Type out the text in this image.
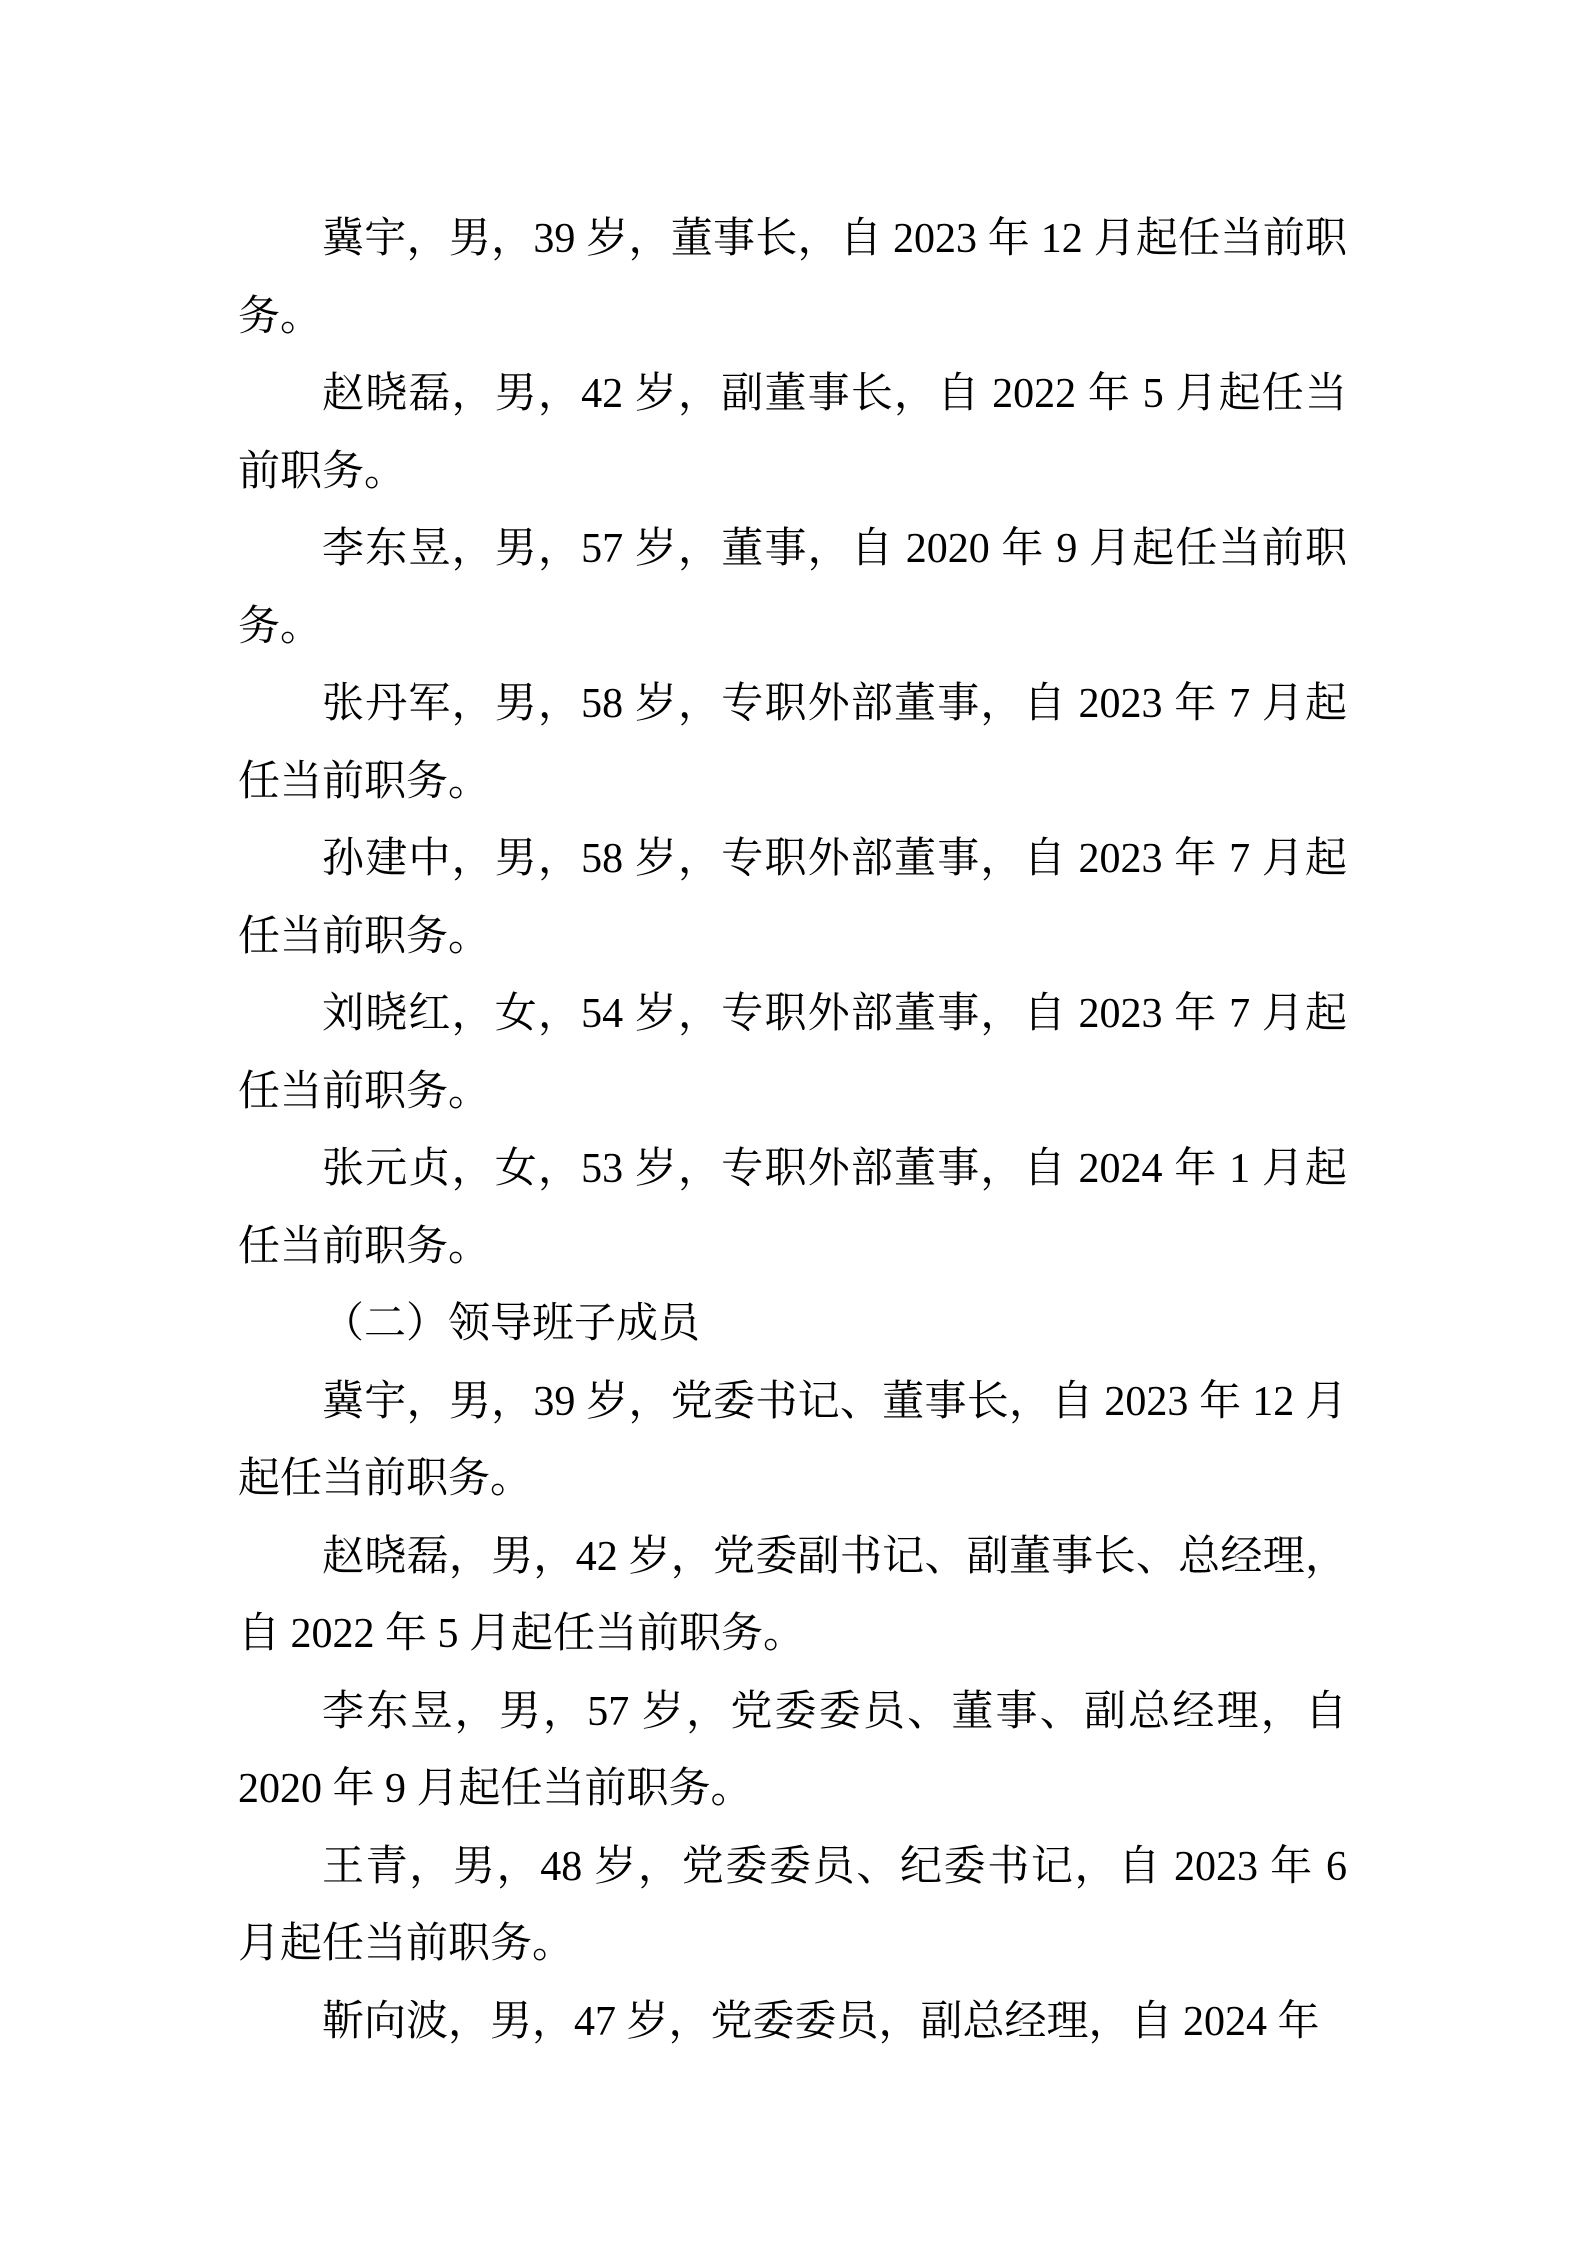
冀宇，男，39 岁，董事长，自 2023 年 12 月起任当前职务。

赵晓磊，男，42 岁，副董事长，自 2022 年 5 月起任当前职务。

李东昱，男，57 岁，董事，自 2020 年 9 月起任当前职务。

张丹军，男，58 岁，专职外部董事，自 2023 年 7 月起任当前职务。

孙建中，男，58 岁，专职外部董事，自 2023 年 7 月起任当前职务。

刘晓红，女，54 岁，专职外部董事，自 2023 年 7 月起任当前职务。

张元贞，女，53 岁，专职外部董事，自 2024 年 1 月起任当前职务。

（二）领导班子成员

冀宇，男，39 岁，党委书记、董事长，自 2023 年 12 月起任当前职务。

赵晓磊，男，42 岁，党委副书记、副董事长、总经理，自 2022 年 5 月起任当前职务。

李东昱，男，57 岁，党委委员、董事、副总经理，自 2020 年 9 月起任当前职务。

王青，男，48 岁，党委委员、纪委书记，自 2023 年 6 月起任当前职务。

靳向波，男，47 岁，党委委员，副总经理，自 2024 年
